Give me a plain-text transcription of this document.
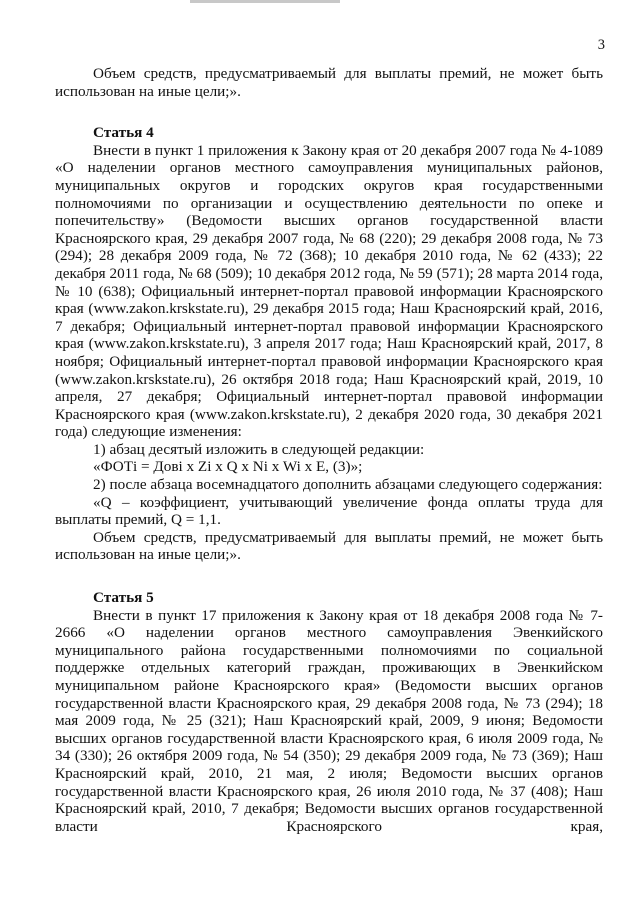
3

Объем средств, предусматриваемый для выплаты премий, не может быть использован на иные цели;».

Статья 4

Внести в пункт 1 приложения к Закону края от 20 декабря 2007 года № 4-1089 «О наделении органов местного самоуправления муниципальных районов, муниципальных округов и городских округов края государственными полномочиями по организации и осуществлению деятельности по опеке и попечительству» (Ведомости высших органов государственной власти Красноярского края, 29 декабря 2007 года, № 68 (220); 29 декабря 2008 года, № 73 (294); 28 декабря 2009 года, № 72 (368); 10 декабря 2010 года, № 62 (433); 22 декабря 2011 года, № 68 (509); 10 декабря 2012 года, № 59 (571); 28 марта 2014 года, № 10 (638); Официальный интернет-портал правовой информации Красноярского края (www.zakon.krskstate.ru), 29 декабря 2015 года; Наш Красноярский край, 2016, 7 декабря; Официальный интернет-портал правовой информации Красноярского края (www.zakon.krskstate.ru), 3 апреля 2017 года; Наш Красноярский край, 2017, 8 ноября; Официальный интернет-портал правовой информации Красноярского края (www.zakon.krskstate.ru), 26 октября 2018 года; Наш Красноярский край, 2019, 10 апреля, 27 декабря; Официальный интернет-портал правовой информации Красноярского края (www.zakon.krskstate.ru), 2 декабря 2020 года, 30 декабря 2021 года) следующие изменения:

1) абзац десятый изложить в следующей редакции:

«ФОТi = Довi x Zi x Q x Ni x Wi x E, (3)»;

2) после абзаца восемнадцатого дополнить абзацами следующего содержания:

«Q – коэффициент, учитывающий увеличение фонда оплаты труда для выплаты премий, Q = 1,1.

Объем средств, предусматриваемый для выплаты премий, не может быть использован на иные цели;».

Статья 5

Внести в пункт 17 приложения к Закону края от 18 декабря 2008 года № 7-2666 «О наделении органов местного самоуправления Эвенкийского муниципального района государственными полномочиями по социальной поддержке отдельных категорий граждан, проживающих в Эвенкийском муниципальном районе Красноярского края» (Ведомости высших органов государственной власти Красноярского края, 29 декабря 2008 года, № 73 (294); 18 мая 2009 года, № 25 (321); Наш Красноярский край, 2009, 9 июня; Ведомости высших органов государственной власти Красноярского края, 6 июля 2009 года, № 34 (330); 26 октября 2009 года, № 54 (350); 29 декабря 2009 года, № 73 (369); Наш Красноярский край, 2010, 21 мая, 2 июля; Ведомости высших органов государственной власти Красноярского края, 26 июля 2010 года, № 37 (408); Наш Красноярский край, 2010, 7 декабря; Ведомости высших органов государственной власти Красноярского края,
